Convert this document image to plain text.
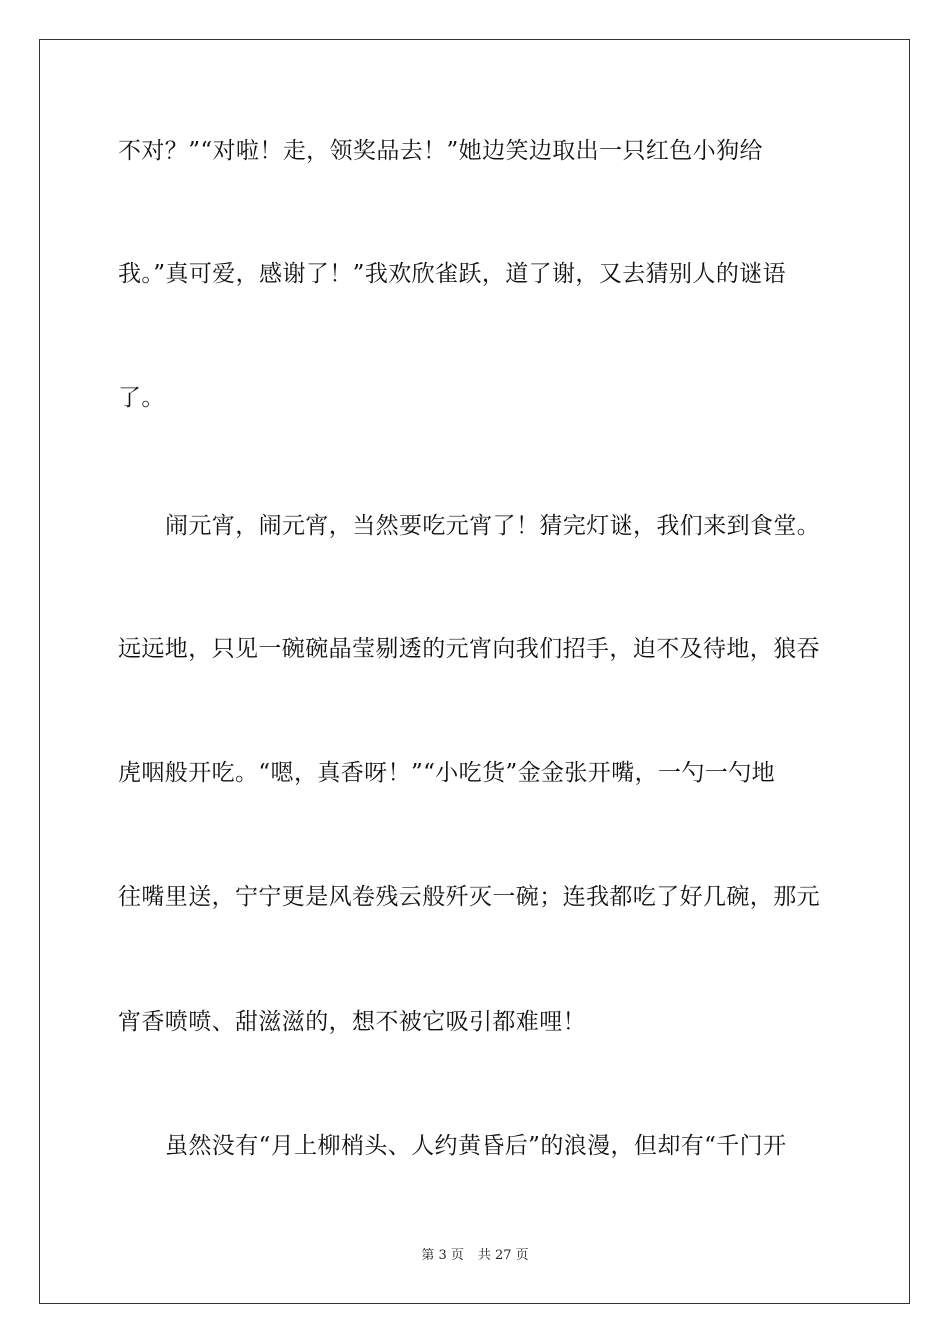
不对？”“对啦！走，领奖品去！”她边笑边取出一只红色小狗给
我。”真可爱，感谢了！”我欢欣雀跃，道了谢，又去猜别人的谜语
了。
闹元宵，闹元宵，当然要吃元宵了！猜完灯谜，我们来到食堂。
远远地，只见一碗碗晶莹剔透的元宵向我们招手，迫不及待地，狼吞
虎咽般开吃。“嗯，真香呀！”“小吃货”金金张开嘴，一勺一勺地
往嘴里送，宁宁更是风卷残云般歼灭一碗；连我都吃了好几碗，那元
宵香喷喷、甜滋滋的，想不被它吸引都难哩！
虽然没有“月上柳梢头、人约黄昏后”的浪漫，但却有“千门开
第 3 页 共 27 页
